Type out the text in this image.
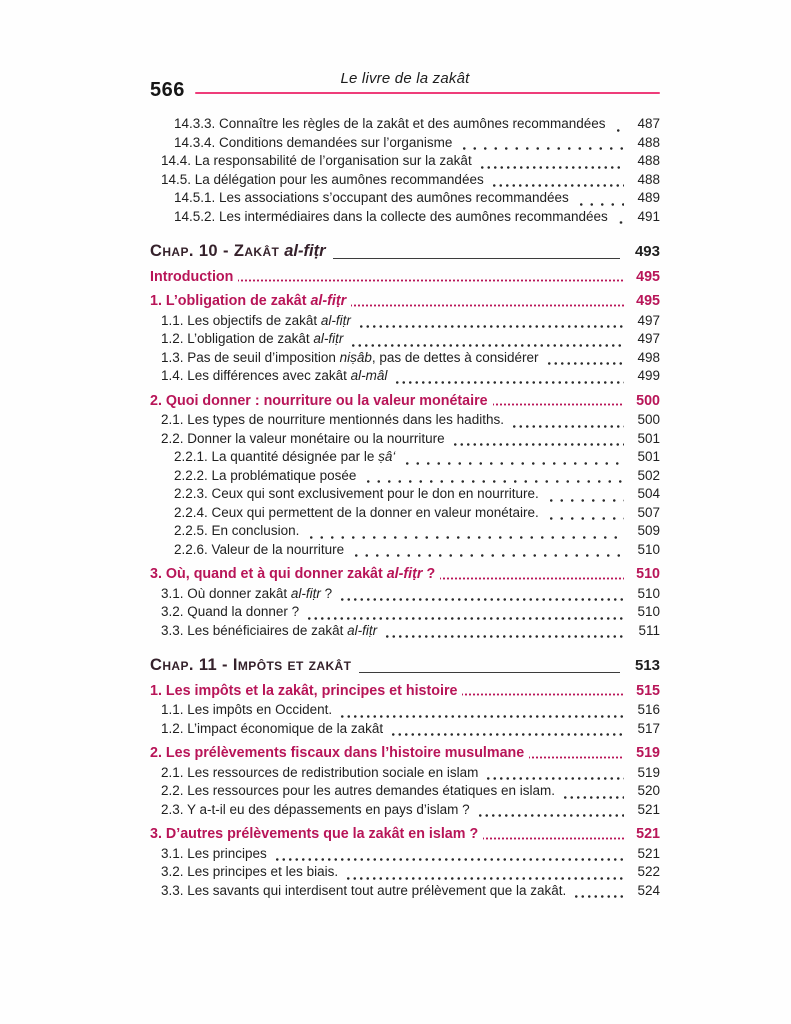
Le livre de la zakât
566
14.3.3. Connaître les règles de la zakât et des aumônes recommandées	487
14.3.4. Conditions demandées sur l’organisme	488
14.4. La responsabilité de l’organisation sur la zakât	488
14.5. La délégation pour les aumônes recommandées	488
14.5.1. Les associations s’occupant des aumônes recommandées	489
14.5.2. Les intermédiaires dans la collecte des aumônes recommandées	491
Chap. 10 - Zakât al-fiṭr	493
Introduction	495
1. L’obligation de zakât al-fiṭr	495
1.1. Les objectifs de zakât al-fiṭr	497
1.2. L’obligation de zakât al-fiṭr	497
1.3. Pas de seuil d’imposition niṣâb, pas de dettes à considérer	498
1.4. Les différences avec zakât al-mâl	499
2. Quoi donner : nourriture ou la valeur monétaire	500
2.1. Les types de nourriture mentionnés dans les hadiths.	500
2.2. Donner la valeur monétaire ou la nourriture	501
2.2.1. La quantité désignée par le ṣâ‘	501
2.2.2. La problématique posée	502
2.2.3. Ceux qui sont exclusivement pour le don en nourriture.	504
2.2.4. Ceux qui permettent de la donner en valeur monétaire.	507
2.2.5. En conclusion.	509
2.2.6. Valeur de la nourriture	510
3. Où, quand et à qui donner zakât al-fiṭr ?	510
3.1. Où donner zakât al-fiṭr ?	510
3.2. Quand la donner ?	510
3.3. Les bénéficiaires de zakât al-fiṭr	511
Chap. 11 - Impôts et zakât	513
1. Les impôts et la zakât, principes et histoire	515
1.1. Les impôts en Occident.	516
1.2. L’impact économique de la zakât	517
2. Les prélèvements fiscaux dans l’histoire musulmane	519
2.1. Les ressources de redistribution sociale en islam	519
2.2. Les ressources pour les autres demandes étatiques en islam.	520
2.3. Y a-t-il eu des dépassements en pays d’islam ?	521
3. D’autres prélèvements que la zakât en islam ?	521
3.1. Les principes	521
3.2. Les principes et les biais.	522
3.3. Les savants qui interdisent tout autre prélèvement que la zakât.	524
